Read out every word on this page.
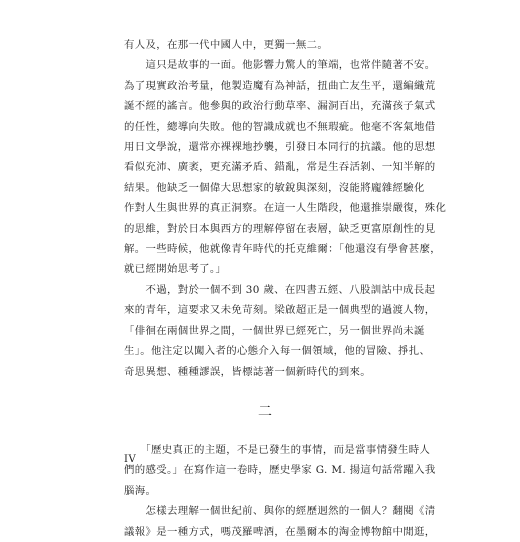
有人及，在那一代中國人中，更獨一無二。

　　這只是故事的一面。他影響力驚人的筆端，也常伴隨著不安。
為了現實政治考量，他製造魔有為神話，扭曲亡友生平，還編織荒
誕不經的謠言。他參與的政治行動草率、漏洞百出，充滿孩子氣式
的任性，總導向失敗。他的智識成就也不無瑕疵。他毫不客氣地借
用日文學說，還常亦裸裸地抄襲，引發日本同行的抗議。他的思想
看似充沛、廣袤，更充滿矛盾、錯亂，常是生吞活剝、一知半解的
結果。他缺乏一個偉大思想家的敏銳與深刻，沒能將龐雜經驗化
作對人生與世界的真正洞察。在這一人生階段，他還推崇嚴復，殊化
的思維，對於日本與西方的理解停留在表層，缺乏更富原創性的見
解。一些時候，他就像青年時代的托克維爾：「他還沒有學會甚麼，
就已經開始思考了。」

　　不過，對於一個不到 30 歲、在四書五經、八股訓詁中成長起
來的青年，這要求又未免苛刻。梁啟超正是一個典型的過渡人物，
「俳徊在兩個世界之間，一個世界已經死亡，另一個世界尚未誕
生」。他注定以闖入者的心態介入每一個領域，他的冒險、掙扎、
奇思異想、種種謬誤，皆標誌著一個新時代的到來。

二

　　「歷史真正的主題，不是已發生的事情，而是當事情發生時人
們的感受。」在寫作這一卷時，歷史學家 G. M. 揚這句話常躍入我
腦海。

　　怎樣去理解一個世紀前、與你的經歷迥然的一個人？翻閱《清
議報》是一種方式，嗎茂羅啤酒，在墨爾本的淘金博物館中閒逛，

IV
